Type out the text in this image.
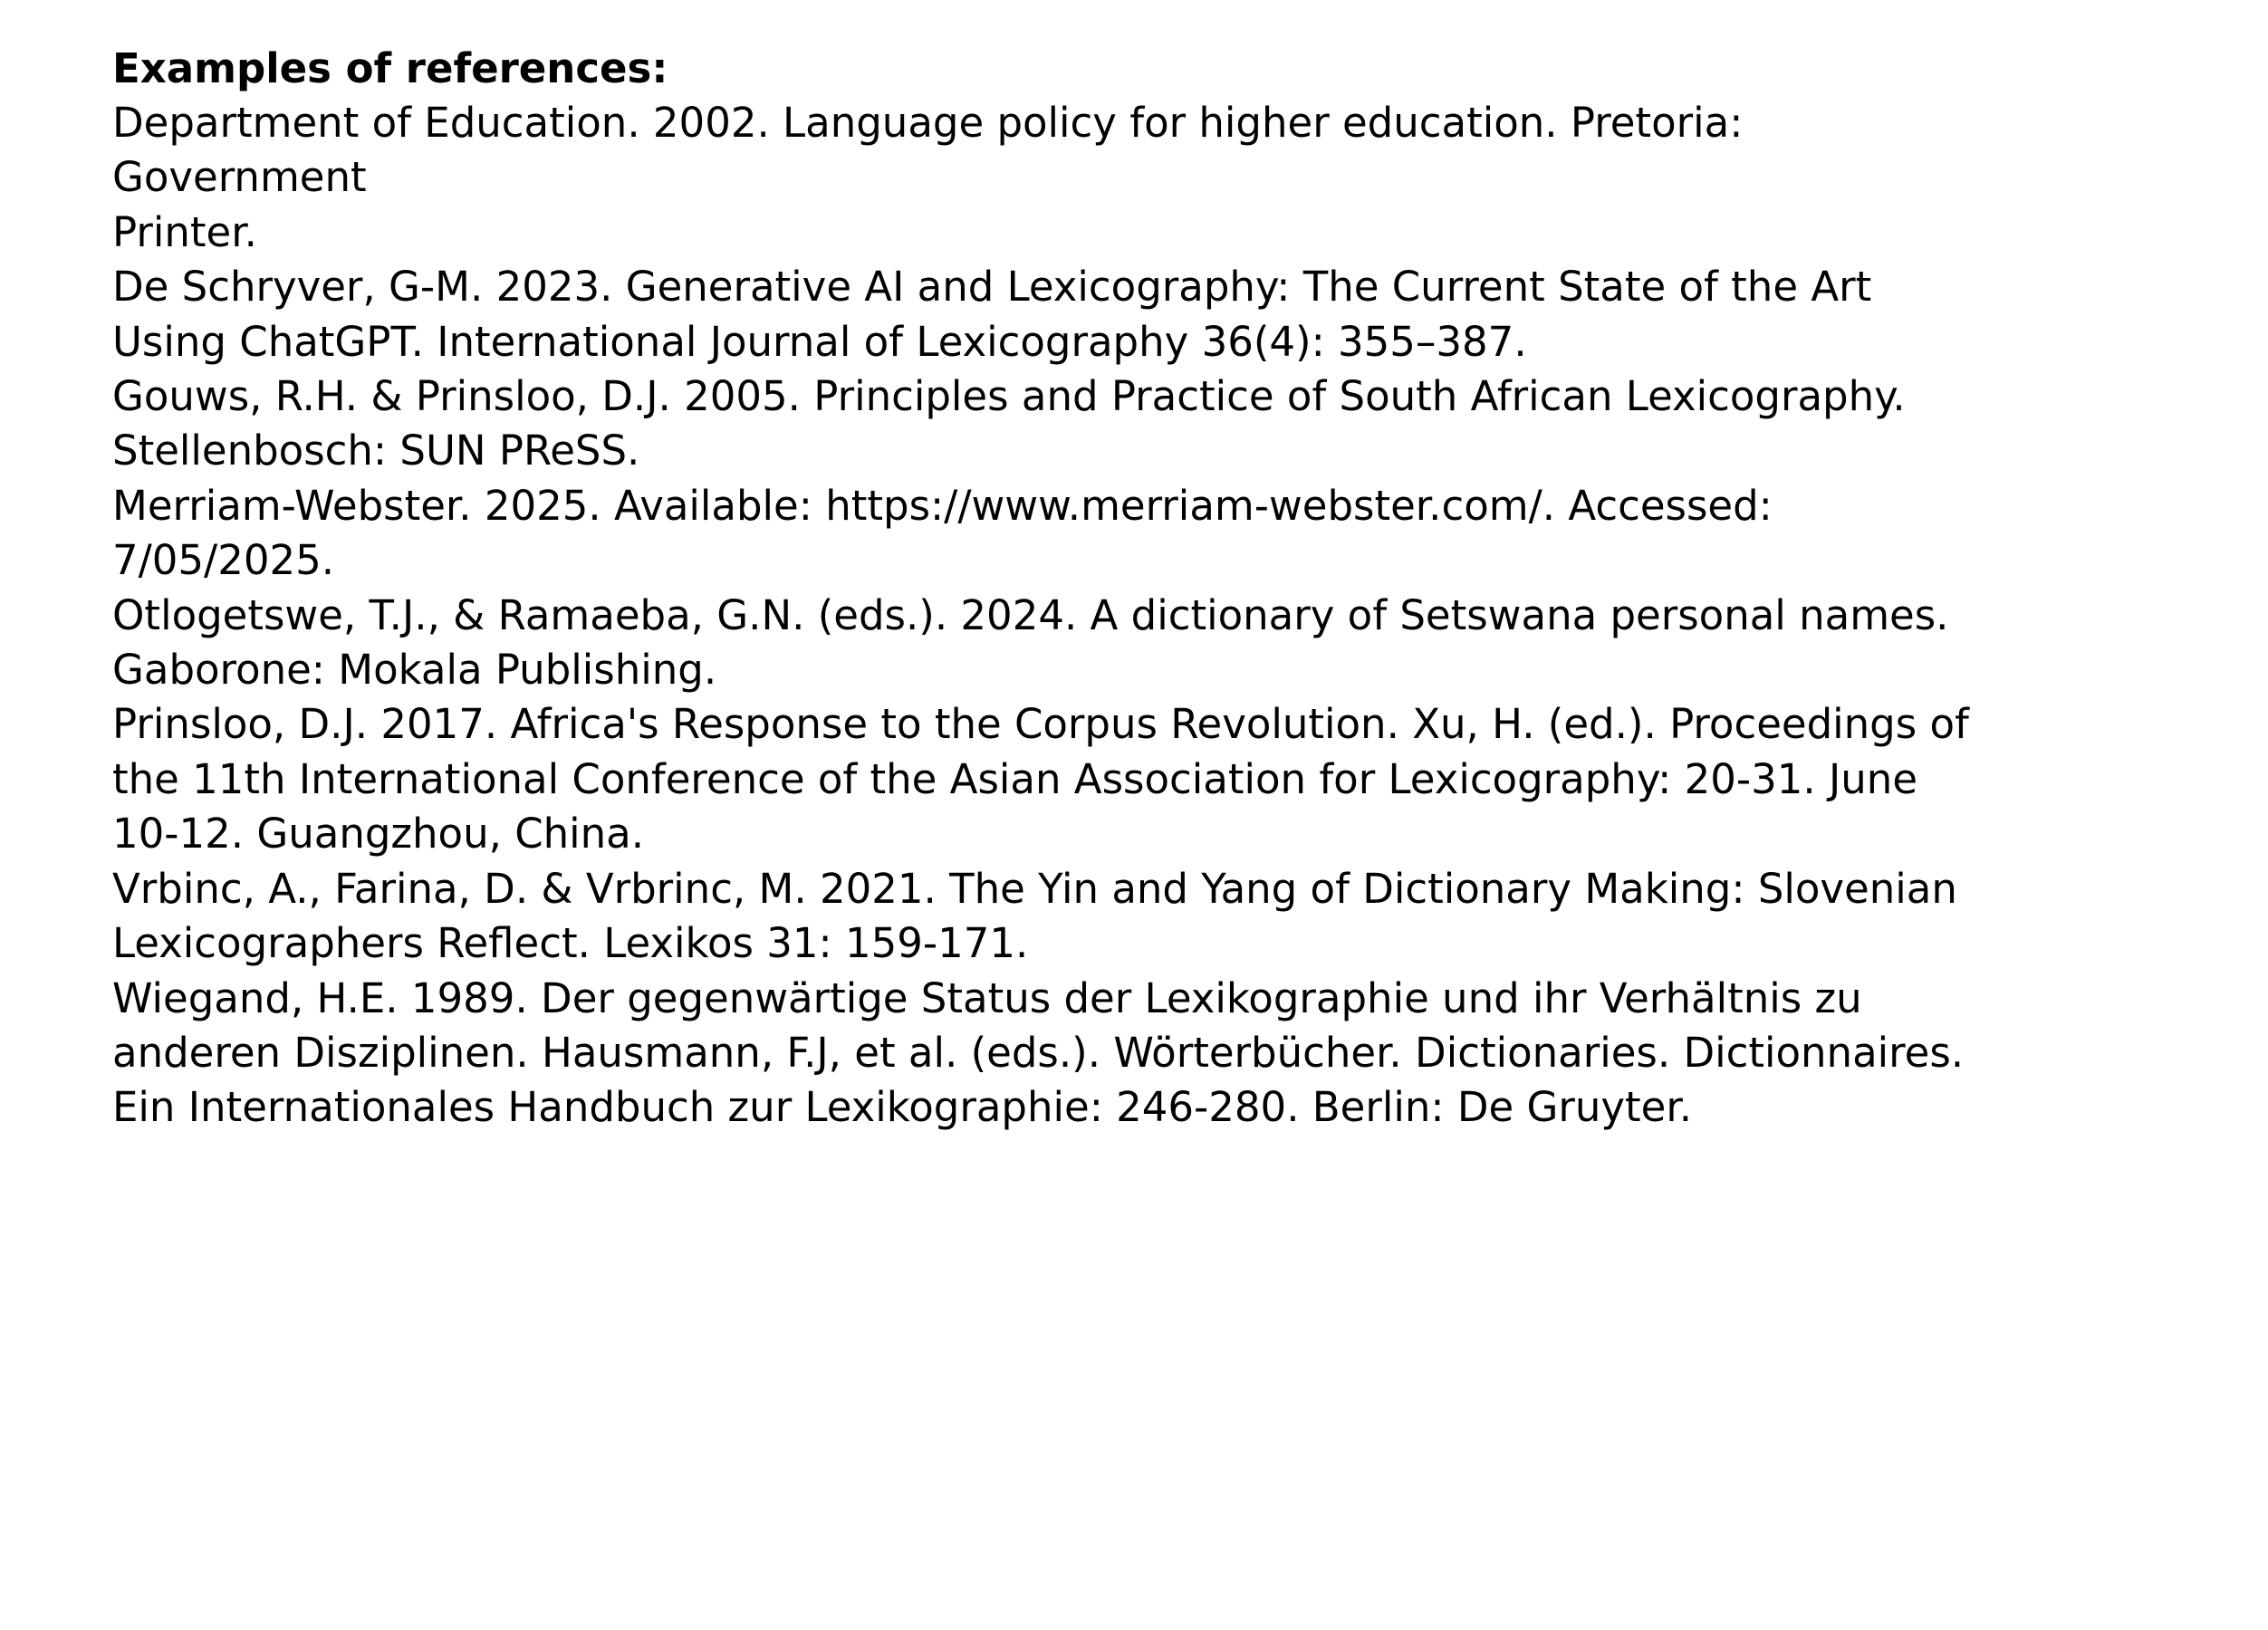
Examples of references:
Department of Education. 2002. Language policy for higher education. Pretoria:
Government
Printer.
De Schryver, G-M. 2023. Generative AI and Lexicography: The Current State of the Art
Using ChatGPT. International Journal of Lexicography 36(4): 355–387.
Gouws, R.H. & Prinsloo, D.J. 2005. Principles and Practice of South African Lexicography.
Stellenbosch: SUN PReSS.
Merriam-Webster. 2025. Available: https://www.merriam-webster.com/. Accessed:
7/05/2025.
Otlogetswe, T.J., & Ramaeba, G.N. (eds.). 2024. A dictionary of Setswana personal names.
Gaborone: Mokala Publishing.
Prinsloo, D.J. 2017. Africa's Response to the Corpus Revolution. Xu, H. (ed.). Proceedings of
the 11th International Conference of the Asian Association for Lexicography: 20-31. June
10-12. Guangzhou, China.
Vrbinc, A., Farina, D. & Vrbrinc, M. 2021. The Yin and Yang of Dictionary Making: Slovenian
Lexicographers Reflect. Lexikos 31: 159-171.
Wiegand, H.E. 1989. Der gegenwärtige Status der Lexikographie und ihr Verhältnis zu
anderen Disziplinen. Hausmann, F.J, et al. (eds.). Wörterbücher. Dictionaries. Dictionnaires.
Ein Internationales Handbuch zur Lexikographie: 246-280. Berlin: De Gruyter.
